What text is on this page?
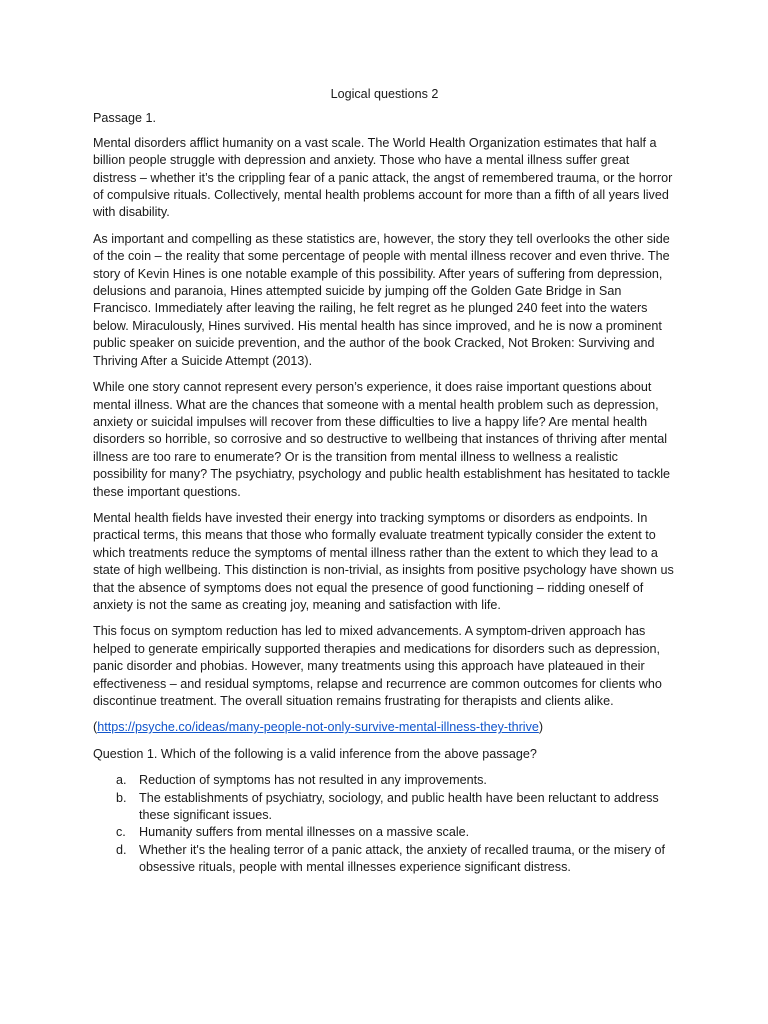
Logical questions 2
Passage 1.

Mental disorders afflict humanity on a vast scale. The World Health Organization estimates that half a billion people struggle with depression and anxiety. Those who have a mental illness suffer great distress – whether it’s the crippling fear of a panic attack, the angst of remembered trauma, or the horror of compulsive rituals. Collectively, mental health problems account for more than a fifth of all years lived with disability.

As important and compelling as these statistics are, however, the story they tell overlooks the other side of the coin – the reality that some percentage of people with mental illness recover and even thrive. The story of Kevin Hines is one notable example of this possibility. After years of suffering from depression, delusions and paranoia, Hines attempted suicide by jumping off the Golden Gate Bridge in San Francisco. Immediately after leaving the railing, he felt regret as he plunged 240 feet into the waters below. Miraculously, Hines survived. His mental health has since improved, and he is now a prominent public speaker on suicide prevention, and the author of the book Cracked, Not Broken: Surviving and Thriving After a Suicide Attempt (2013).

While one story cannot represent every person’s experience, it does raise important questions about mental illness. What are the chances that someone with a mental health problem such as depression, anxiety or suicidal impulses will recover from these difficulties to live a happy life? Are mental health disorders so horrible, so corrosive and so destructive to wellbeing that instances of thriving after mental illness are too rare to enumerate? Or is the transition from mental illness to wellness a realistic possibility for many? The psychiatry, psychology and public health establishment has hesitated to tackle these important questions.

Mental health fields have invested their energy into tracking symptoms or disorders as endpoints. In practical terms, this means that those who formally evaluate treatment typically consider the extent to which treatments reduce the symptoms of mental illness rather than the extent to which they lead to a state of high wellbeing. This distinction is non-trivial, as insights from positive psychology have shown us that the absence of symptoms does not equal the presence of good functioning – ridding oneself of anxiety is not the same as creating joy, meaning and satisfaction with life.

This focus on symptom reduction has led to mixed advancements. A symptom-driven approach has helped to generate empirically supported therapies and medications for disorders such as depression, panic disorder and phobias. However, many treatments using this approach have plateaued in their effectiveness – and residual symptoms, relapse and recurrence are common outcomes for clients who discontinue treatment. The overall situation remains frustrating for therapists and clients alike.

(https://psyche.co/ideas/many-people-not-only-survive-mental-illness-they-thrive)
Question 1. Which of the following is a valid inference from the above passage?
a. Reduction of symptoms has not resulted in any improvements.
b. The establishments of psychiatry, sociology, and public health have been reluctant to address these significant issues.
c. Humanity suffers from mental illnesses on a massive scale.
d. Whether it's the healing terror of a panic attack, the anxiety of recalled trauma, or the misery of obsessive rituals, people with mental illnesses experience significant distress.
